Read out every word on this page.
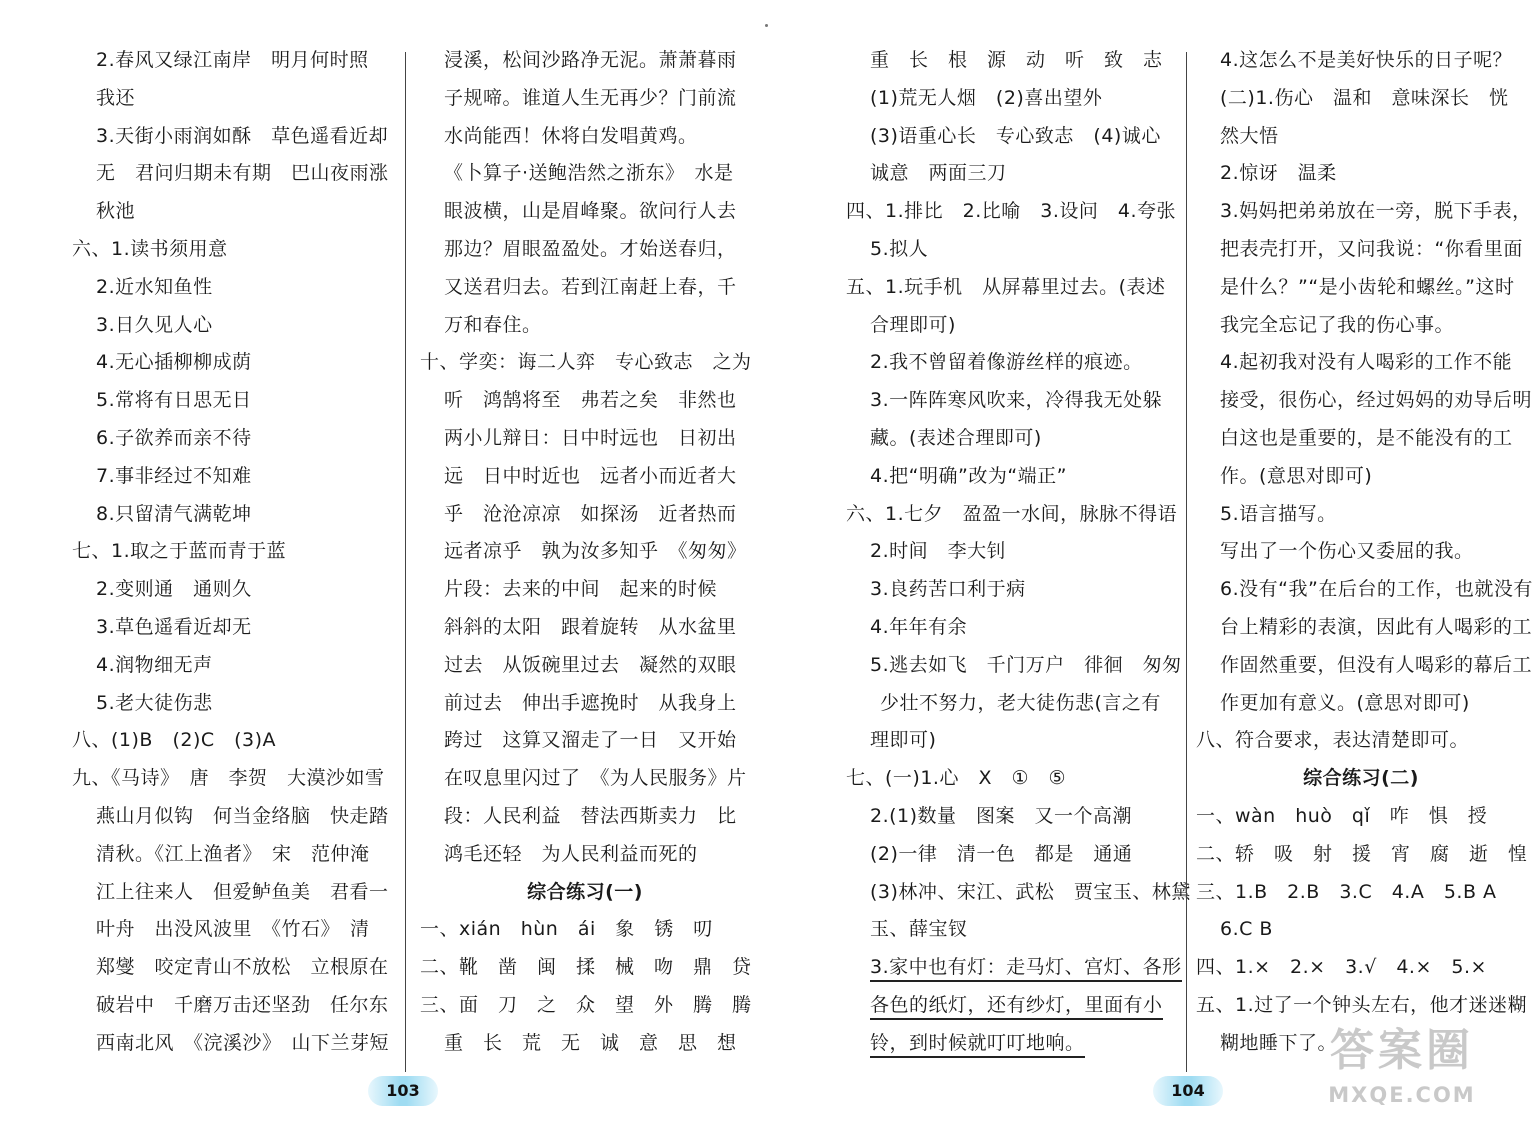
2.春风又绿江南岸　明月何时照
我还
3.天街小雨润如酥　草色遥看近却
无　君问归期未有期　巴山夜雨涨
秋池
六、1.读书须用意
2.近水知鱼性
3.日久见人心
4.无心插柳柳成荫
5.常将有日思无日
6.子欲养而亲不待
7.事非经过不知难
8.只留清气满乾坤
七、1.取之于蓝而青于蓝
2.变则通　通则久
3.草色遥看近却无
4.润物细无声
5.老大徒伤悲
八、(1)B　(2)C　(3)A
九、《马诗》　唐　李贺　大漠沙如雪
燕山月似钩　何当金络脑　快走踏
清秋。《江上渔者》　宋　范仲淹
江上往来人　但爱鲈鱼美　君看一
叶舟　出没风波里　《竹石》　清
郑燮　咬定青山不放松　立根原在
破岩中　千磨万击还坚劲　任尔东
西南北风　《浣溪沙》　山下兰芽短
浸溪，松间沙路净无泥。萧萧暮雨
子规啼。谁道人生无再少？门前流
水尚能西！休将白发唱黄鸡。
《卜算子·送鲍浩然之浙东》　水是
眼波横，山是眉峰聚。欲问行人去
那边？眉眼盈盈处。才始送春归，
又送君归去。若到江南赶上春，千
万和春住。
十、学奕：诲二人弈　专心致志　之为
听　鸿鹄将至　弗若之矣　非然也
两小儿辩日：日中时远也　日初出
远　日中时近也　远者小而近者大
乎　沧沧凉凉　如探汤　近者热而
远者凉乎　孰为汝多知乎　《匆匆》
片段：去来的中间　起来的时候
斜斜的太阳　跟着旋转　从水盆里
过去　从饭碗里过去　凝然的双眼
前过去　伸出手遮挽时　从我身上
跨过　这算又溜走了一日　又开始
在叹息里闪过了　《为人民服务》片
段：人民利益　替法西斯卖力　比
鸿毛还轻　为人民利益而死的
综合练习(一)
一、xián　hùn　ái　象　锈　叨
二、靴　凿　闽　揉　械　吻　鼎　贷
三、面　刀　之　众　望　外　腾　腾
重　长　荒　无　诚　意　思　想
重　长　根　源　动　听　致　志
(1)荒无人烟　(2)喜出望外
(3)语重心长　专心致志　(4)诚心
诚意　两面三刀
四、1.排比　2.比喻　3.设问　4.夸张
5.拟人
五、1.玩手机　从屏幕里过去。(表述
合理即可)
2.我不曾留着像游丝样的痕迹。
3.一阵阵寒风吹来，冷得我无处躲
藏。(表述合理即可)
4.把“明确”改为“端正”
六、1.七夕　盈盈一水间，脉脉不得语
2.时间　李大钊
3.良药苦口利于病
4.年年有余
5.逃去如飞　千门万户　徘徊　匆匆
少壮不努力，老大徒伤悲(言之有
理即可)
七、(一)1.心　X　①　⑤
2.(1)数量　图案　又一个高潮
(2)一律　清一色　都是　通通
(3)林冲、宋江、武松　贾宝玉、林黛
玉、薛宝钗
3.家中也有灯：走马灯、宫灯、各形
各色的纸灯，还有纱灯，里面有小
铃，到时候就叮叮地响。
4.这怎么不是美好快乐的日子呢？
(二)1.伤心　温和　意味深长　恍
然大悟
2.惊讶　温柔
3.妈妈把弟弟放在一旁，脱下手表，
把表壳打开，又问我说：“你看里面
是什么？”“是小齿轮和螺丝。”这时
我完全忘记了我的伤心事。
4.起初我对没有人喝彩的工作不能
接受，很伤心，经过妈妈的劝导后明
白这也是重要的，是不能没有的工
作。(意思对即可)
5.语言描写。
写出了一个伤心又委屈的我。
6.没有“我”在后台的工作，也就没有
台上精彩的表演，因此有人喝彩的工
作固然重要，但没有人喝彩的幕后工
作更加有意义。(意思对即可)
八、符合要求，表达清楚即可。
综合练习(二)
一、wàn　huò　qǐ　咋　惧　授
二、轿　吸　射　援　宵　腐　逝　惶
三、1.B　2.B　3.C　4.A　5.B A
6.C B
四、1.×　2.×　3.√　4.×　5.×
五、1.过了一个钟头左右，他才迷迷糊
糊地睡下了。
103	104
答案圈
MXQE.COM
